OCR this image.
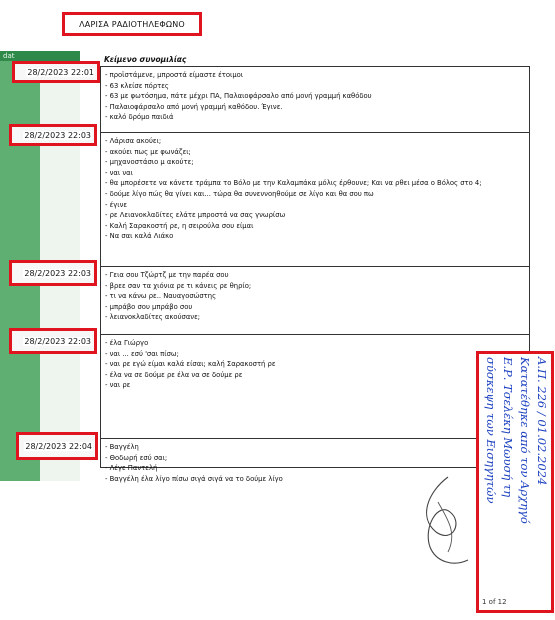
ΛΑΡΙΣΑ ΡΑΔΙΟΤΗΛΕΦΩΝΟ
dat
28/2/2023 22:01
28/2/2023 22:03
28/2/2023 22:03
28/2/2023 22:03
28/2/2023 22:04
Κείμενο συνομιλίας
- προϊστάμενε, μπροστά είμαστε έτοιμοι
- 63 κλείσε πόρτες
- 63 με φωτόσημα, πάτε μέχρι ΠΑ, Παλαιοφάρσαλο από μονή γραμμή καθόδου
- Παλαιοφάρσαλο από μονή γραμμή καθόδου. Έγινε.
- καλό δρόμο παιδιά
- Λάρισα ακούει;
- ακούει πως με φωνάζει;
- μηχανοστάσιο μ ακούτε;
- ναι ναι
- θα μπορέσετε να κάνετε τράμπα το Βόλο με την Καλαμπάκα μόλις έρθουνε; Και να ρθει μέσα ο Βόλος στο 4;
- δούμε λίγο πώς θα γίνει και... τώρα θα συνεννοηθούμε σε λίγο και θα σου πω
- έγινε
- ρε Λειανοκλαδίτες ελάτε μπροστά να σας γνωρίσω
- Καλή Σαρακοστή ρε, η σειρούλα σου είμαι
- Να σαι καλά Λιάκο
- Γεια σου Τζώρτζ με την παρέα σου
- βρεε σαν τα χιόνια ρε τι κάνεις ρε θηρίο;
- τι να κάνω ρε.. Ναυαγοσώστης
- μπράβο σου μπράβο σου
- λειανοκλαδίτες ακούσανε;
- έλα Γιώργο
- ναι ... εσύ 'σαι πίσω;
- ναι ρε εγώ είμαι καλά είσαι; καλή Σαρακοστή ρε
- έλα να σε δούμε ρε έλα να σε δούμε ρε
- ναι ρε
- Βαγγέλη
- Θοδωρή εσύ σαι;
- Λέγε Παντελή
- Βαγγέλη έλα λίγο πίσω σιγά σιγά να το δούμε λίγο	Α.Π. 226 / 01.02.2024
Κατατέθηκε από τον Αρχηγό
Ε.Ρ. Τσελέκη Μωυσή τη
σύσκεψη των Εισηγητών
1 of 12
